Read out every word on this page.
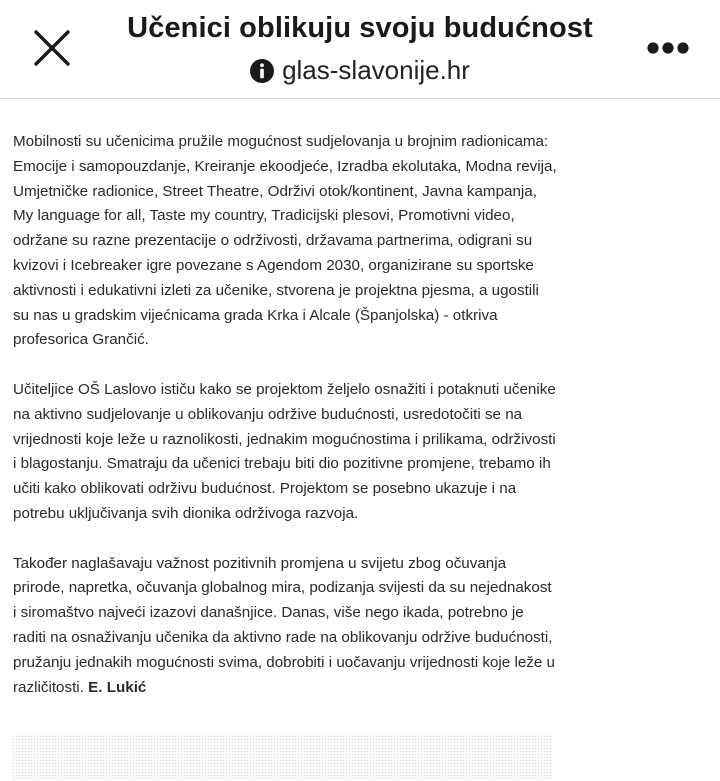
Učenici oblikuju svoju budućnost
glas-slavonije.hr

Mobilnosti su učenicima pružile mogućnost sudjelovanja u brojnim radionicama: Emocije i samopouzdanje, Kreiranje ekoodjeće, Izradba ekolutaka, Modna revija, Umjetničke radionice, Street Theatre, Održivi otok/kontinent, Javna kampanja, My language for all, Taste my country, Tradicijski plesovi, Promotivni video, održane su razne prezentacije o održivosti, državama partnerima, odigrani su kvizovi i Icebreaker igre povezane s Agendom 2030, organizirane su sportske aktivnosti i edukativni izleti za učenike, stvorena je projektna pjesma, a ugostili su nas u gradskim vijećnicama grada Krka i Alcale (Španjolska) - otkriva profesorica Grančić.

Učiteljice OŠ Laslovo ističu kako se projektom željelo osnažiti i potaknuti učenike na aktivno sudjelovanje u oblikovanju održive budućnosti, usredotočiti se na vrijednosti koje leže u raznolikosti, jednakim mogućnostima i prilikama, održivosti i blagostanju. Smatraju da učenici trebaju biti dio pozitivne promjene, trebamo ih učiti kako oblikovati održivu budućnost. Projektom se posebno ukazuje i na potrebu uključivanja svih dionika održivoga razvoja.

Također naglašavaju važnost pozitivnih promjena u svijetu zbog očuvanja prirode, napretka, očuvanja globalnog mira, podizanja svijesti da su nejednakost i siromaštvo najveći izazovi današnjice. Danas, više nego ikada, potrebno je raditi na osnaživanju učenika da aktivno rade na oblikovanju održive budućnosti, pružanju jednakih mogućnosti svima, dobrobiti i uočavanju vrijednosti koje leže u različitosti. E. Lukić
